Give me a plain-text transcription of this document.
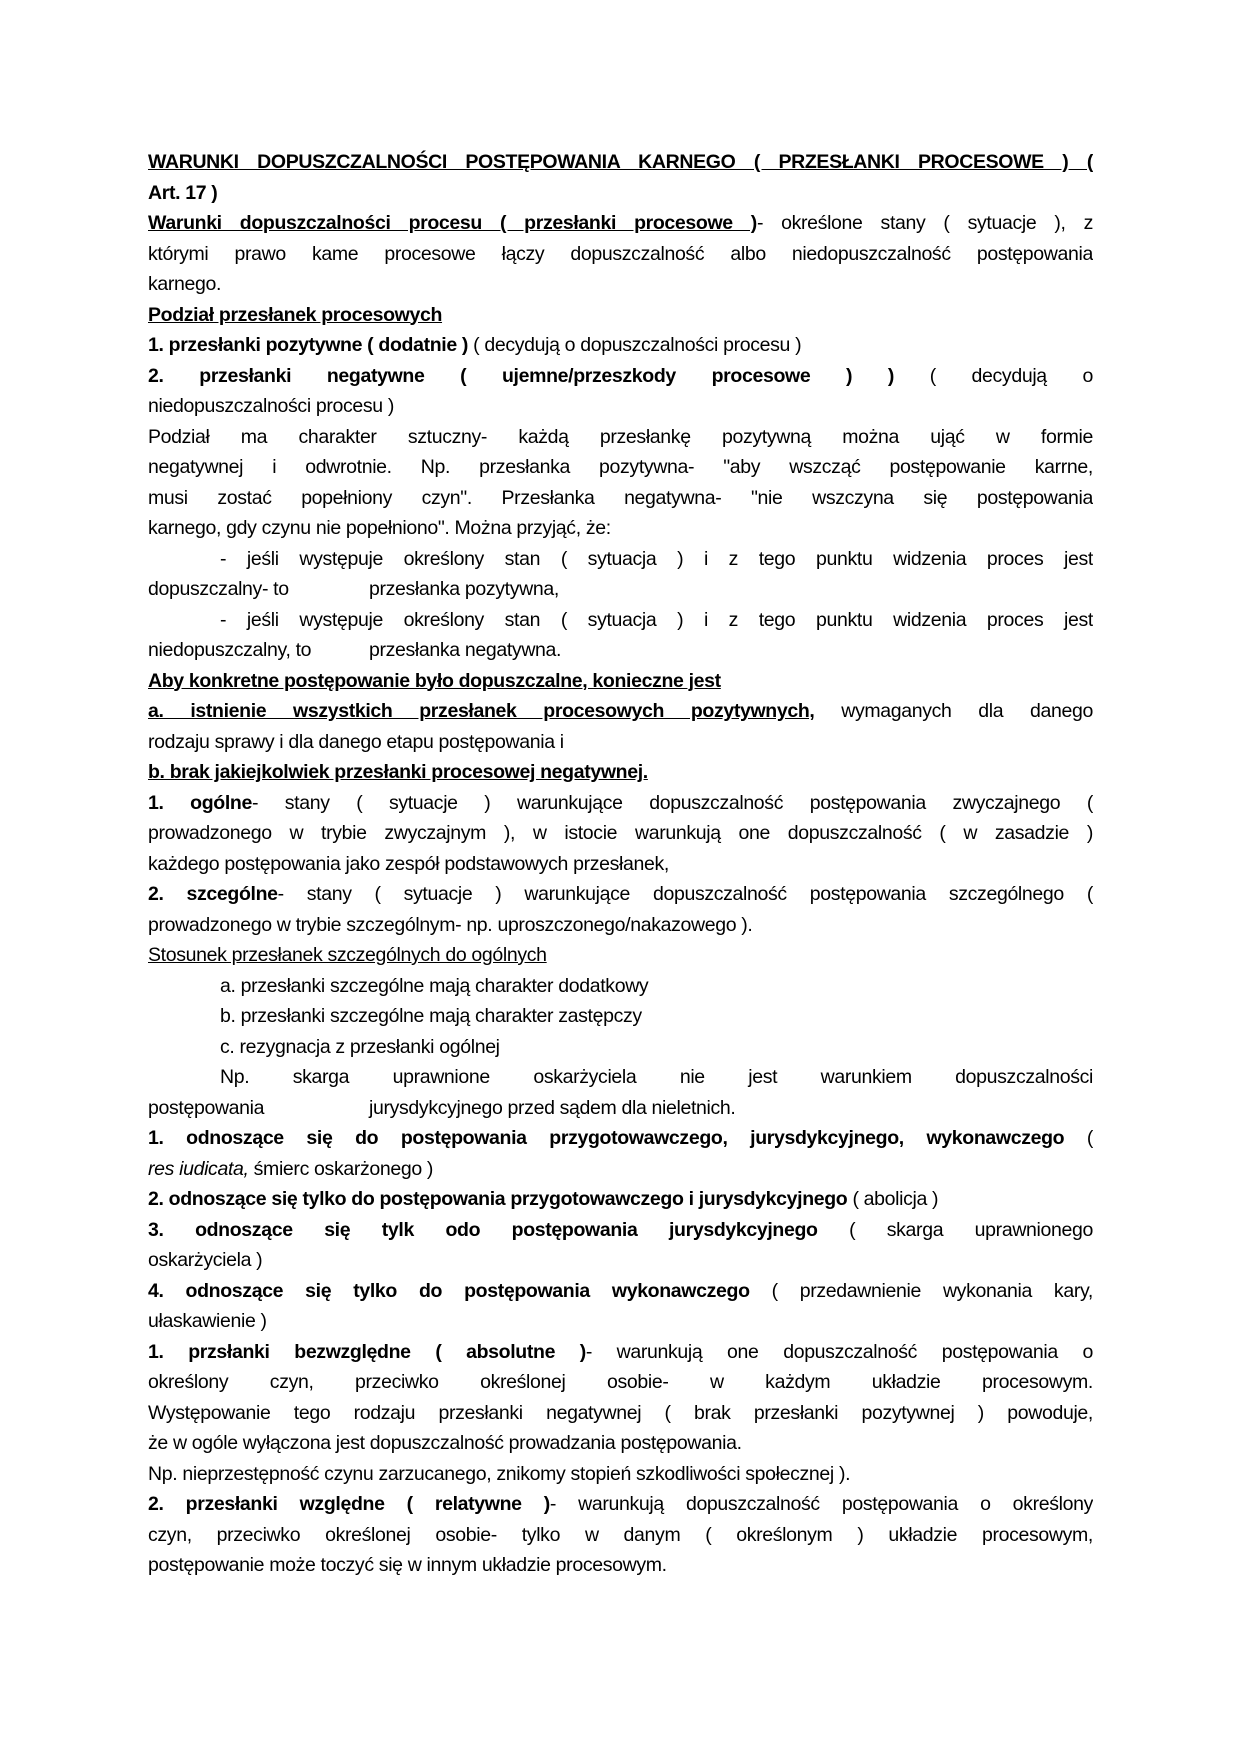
WARUNKI DOPUSZCZALNOŚCI POSTĘPOWANIA KARNEGO ( PRZESŁANKI PROCESOWE ) (
Art. 17 )
Warunki dopuszczalności procesu ( przesłanki procesowe )- określone stany ( sytuacje ), z
którymi prawo kame procesowe łączy dopuszczalność albo niedopuszczalność postępowania
karnego.
Podział przesłanek procesowych
1. przesłanki pozytywne ( dodatnie ) ( decydują o dopuszczalności procesu )
2. przesłanki negatywne ( ujemne/przeszkody procesowe ) ) ( decydują o
niedopuszczalności procesu )
Podział ma charakter sztuczny- każdą przesłankę pozytywną można ująć w formie
negatywnej i odwrotnie. Np. przesłanka pozytywna- "aby wszcząć postępowanie karrne,
musi zostać popełniony czyn". Przesłanka negatywna- "nie wszczyna się postępowania
karnego, gdy czynu nie popełniono". Można przyjąć, że:
- jeśli występuje określony stan ( sytuacja ) i z tego punktu widzenia proces jest
dopuszczalny- to	przesłanka pozytywna,
- jeśli występuje określony stan ( sytuacja ) i z tego punktu widzenia proces jest
niedopuszczalny, to	przesłanka negatywna.
Aby konkretne postępowanie było dopuszczalne, konieczne jest
a. istnienie wszystkich przesłanek procesowych pozytywnych, wymaganych dla danego
rodzaju sprawy i dla danego etapu postępowania i
b. brak jakiejkolwiek przesłanki procesowej negatywnej.
1. ogólne- stany ( sytuacje ) warunkujące dopuszczalność postępowania zwyczajnego (
prowadzonego w trybie zwyczajnym ), w istocie warunkują one dopuszczalność ( w zasadzie )
każdego postępowania jako zespół podstawowych przesłanek,
2. szcególne- stany ( sytuacje ) warunkujące dopuszczalność postępowania szczególnego (
prowadzonego w trybie szczególnym- np. uproszczonego/nakazowego ).
Stosunek przesłanek szczególnych do ogólnych
a. przesłanki szczególne mają charakter dodatkowy
b. przesłanki szczególne mają charakter zastępczy
c. rezygnacja z przesłanki ogólnej
Np. skarga uprawnione oskarżyciela nie jest warunkiem dopuszczalności
postępowania	jurysdykcyjnego przed sądem dla nieletnich.
1. odnoszące się do postępowania przygotowawczego, jurysdykcyjnego, wykonawczego (
res iudicata, śmierc oskarżonego )
2. odnoszące się tylko do postępowania przygotowawczego i jurysdykcyjnego ( abolicja )
3. odnoszące się tylk odo postępowania jurysdykcyjnego ( skarga uprawnionego
oskarżyciela )
4. odnoszące się tylko do postępowania wykonawczego ( przedawnienie wykonania kary,
ułaskawienie )
1. przsłanki bezwzględne ( absolutne )- warunkują one dopuszczalność postępowania o
określony czyn, przeciwko określonej osobie- w każdym układzie procesowym.
Występowanie tego rodzaju przesłanki negatywnej ( brak przesłanki pozytywnej ) powoduje,
że w ogóle wyłączona jest dopuszczalność prowadzania postępowania.
Np. nieprzestępność czynu zarzucanego, znikomy stopień szkodliwości społecznej ).
2. przesłanki względne ( relatywne )- warunkują dopuszczalność postępowania o określony
czyn, przeciwko określonej osobie- tylko w danym ( określonym ) układzie procesowym,
postępowanie może toczyć się w innym układzie procesowym.
